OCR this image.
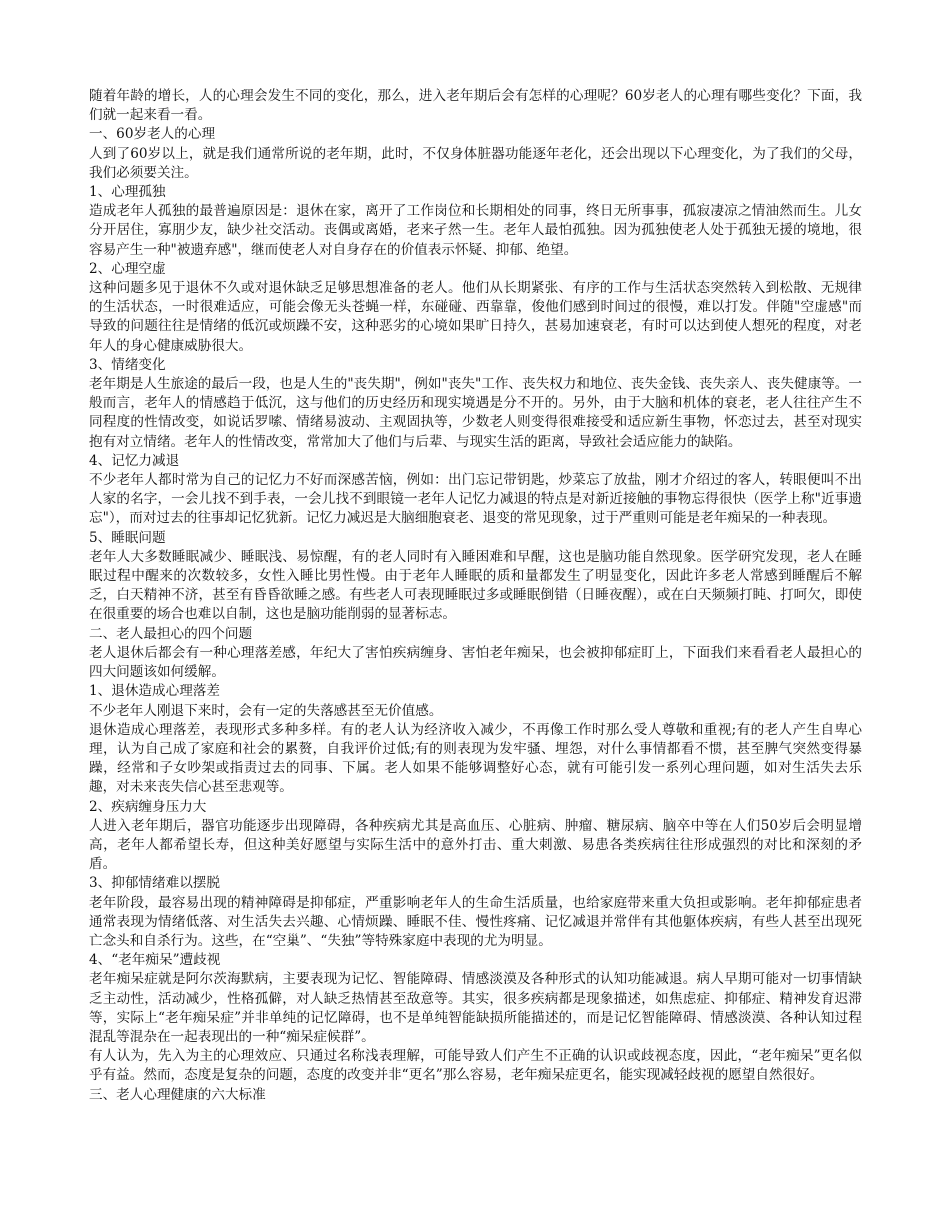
随着年龄的增长，人的心理会发生不同的变化，那么，进入老年期后会有怎样的心理呢？60岁老人的心理有哪些变化？下面，我们就一起来看一看。

一、60岁老人的心理

人到了60岁以上，就是我们通常所说的老年期，此时，不仅身体脏器功能逐年老化，还会出现以下心理变化，为了我们的父母，我们必须要关注。

1、心理孤独

造成老年人孤独的最普遍原因是：退休在家，离开了工作岗位和长期相处的同事，终日无所事事，孤寂凄凉之情油然而生。儿女分开居住，寡朋少友，缺少社交活动。丧偶或离婚，老来孑然一生。老年人最怕孤独。因为孤独使老人处于孤独无援的境地，很容易产生一种"被遗弃感"，继而使老人对自身存在的价值表示怀疑、抑郁、绝望。

2、心理空虚

这种问题多见于退休不久或对退休缺乏足够思想准备的老人。他们从长期紧张、有序的工作与生活状态突然转入到松散、无规律的生活状态，一时很难适应，可能会像无头苍蝇一样，东碰碰、西靠靠，俊他们感到时间过的很慢，难以打发。伴随"空虚感"而导致的问题往往是情绪的低沉或烦躁不安，这种恶劣的心境如果旷日持久，甚易加速衰老，有时可以达到使人想死的程度，对老年人的身心健康威胁很大。

3、情绪变化

老年期是人生旅途的最后一段，也是人生的"丧失期"，例如"丧失"工作、丧失权力和地位、丧失金钱、丧失亲人、丧失健康等。一般而言，老年人的情感趋于低沉，这与他们的历史经历和现实境遇是分不开的。另外，由于大脑和机体的衰老，老人往往产生不同程度的性情改变，如说话罗嗦、情绪易波动、主观固执等，少数老人则变得很难接受和适应新生事物，怀恋过去，甚至对现实抱有对立情绪。老年人的性情改变，常常加大了他们与后辈、与现实生活的距离，导致社会适应能力的缺陷。

4、记忆力减退

不少老年人都时常为自己的记忆力不好而深感苦恼，例如：出门忘记带钥匙，炒菜忘了放盐，刚才介绍过的客人，转眼便叫不出人家的名字，一会儿找不到手表，一会儿找不到眼镜一老年人记忆力减退的特点是对新近接触的事物忘得很快（医学上称"近事遗忘"），而对过去的往事却记忆犹新。记忆力减迟是大脑细胞衰老、退变的常见现象，过于严重则可能是老年痴呆的一种表现。

5、睡眠问题

老年人大多数睡眠减少、睡眠浅、易惊醒，有的老人同时有入睡困难和早醒，这也是脑功能自然现象。医学研究发现，老人在睡眠过程中醒来的次数较多，女性入睡比男性慢。由于老年人睡眠的质和量都发生了明显变化，因此许多老人常感到睡醒后不解乏，白天精神不济，甚至有昏昏欲睡之感。有些老人可表现睡眠过多或睡眠倒错（日睡夜醒），或在白天频频打盹、打呵欠，即使在很重要的场合也难以自制，这也是脑功能削弱的显著标志。

二、老人最担心的四个问题

老人退休后都会有一种心理落差感，年纪大了害怕疾病缠身、害怕老年痴呆，也会被抑郁症盯上，下面我们来看看老人最担心的四大问题该如何缓解。

1、退休造成心理落差

不少老年人刚退下来时，会有一定的失落感甚至无价值感。

退休造成心理落差，表现形式多种多样。有的老人认为经济收入减少，不再像工作时那么受人尊敬和重视;有的老人产生自卑心理，认为自己成了家庭和社会的累赘，自我评价过低;有的则表现为发牢骚、埋怨，对什么事情都看不惯，甚至脾气突然变得暴躁，经常和子女吵架或指责过去的同事、下属。老人如果不能够调整好心态，就有可能引发一系列心理问题，如对生活失去乐趣，对未来丧失信心甚至悲观等。

2、疾病缠身压力大

人进入老年期后，器官功能逐步出现障碍，各种疾病尤其是高血压、心脏病、肿瘤、糖尿病、脑卒中等在人们50岁后会明显增高，老年人都希望长寿，但这种美好愿望与实际生活中的意外打击、重大刺激、易患各类疾病往往形成强烈的对比和深刻的矛盾。

3、抑郁情绪难以摆脱

老年阶段，最容易出现的精神障碍是抑郁症，严重影响老年人的生命生活质量，也给家庭带来重大负担或影响。老年抑郁症患者通常表现为情绪低落、对生活失去兴趣、心情烦躁、睡眠不佳、慢性疼痛、记忆减退并常伴有其他躯体疾病，有些人甚至出现死亡念头和自杀行为。这些，在“空巢”、“失独”等特殊家庭中表现的尤为明显。

4、“老年痴呆”遭歧视

老年痴呆症就是阿尔茨海默病，主要表现为记忆、智能障碍、情感淡漠及各种形式的认知功能减退。病人早期可能对一切事情缺乏主动性，活动减少，性格孤僻，对人缺乏热情甚至敌意等。其实，很多疾病都是现象描述，如焦虑症、抑郁症、精神发育迟滞等，实际上“老年痴呆症”并非单纯的记忆障碍，也不是单纯智能缺损所能描述的，而是记忆智能障碍、情感淡漠、各种认知过程混乱等混杂在一起表现出的一种“痴呆症候群”。

有人认为，先入为主的心理效应、只通过名称浅表理解，可能导致人们产生不正确的认识或歧视态度，因此，“老年痴呆”更名似乎有益。然而，态度是复杂的问题，态度的改变并非“更名”那么容易，老年痴呆症更名，能实现减轻歧视的愿望自然很好。

三、老人心理健康的六大标准
